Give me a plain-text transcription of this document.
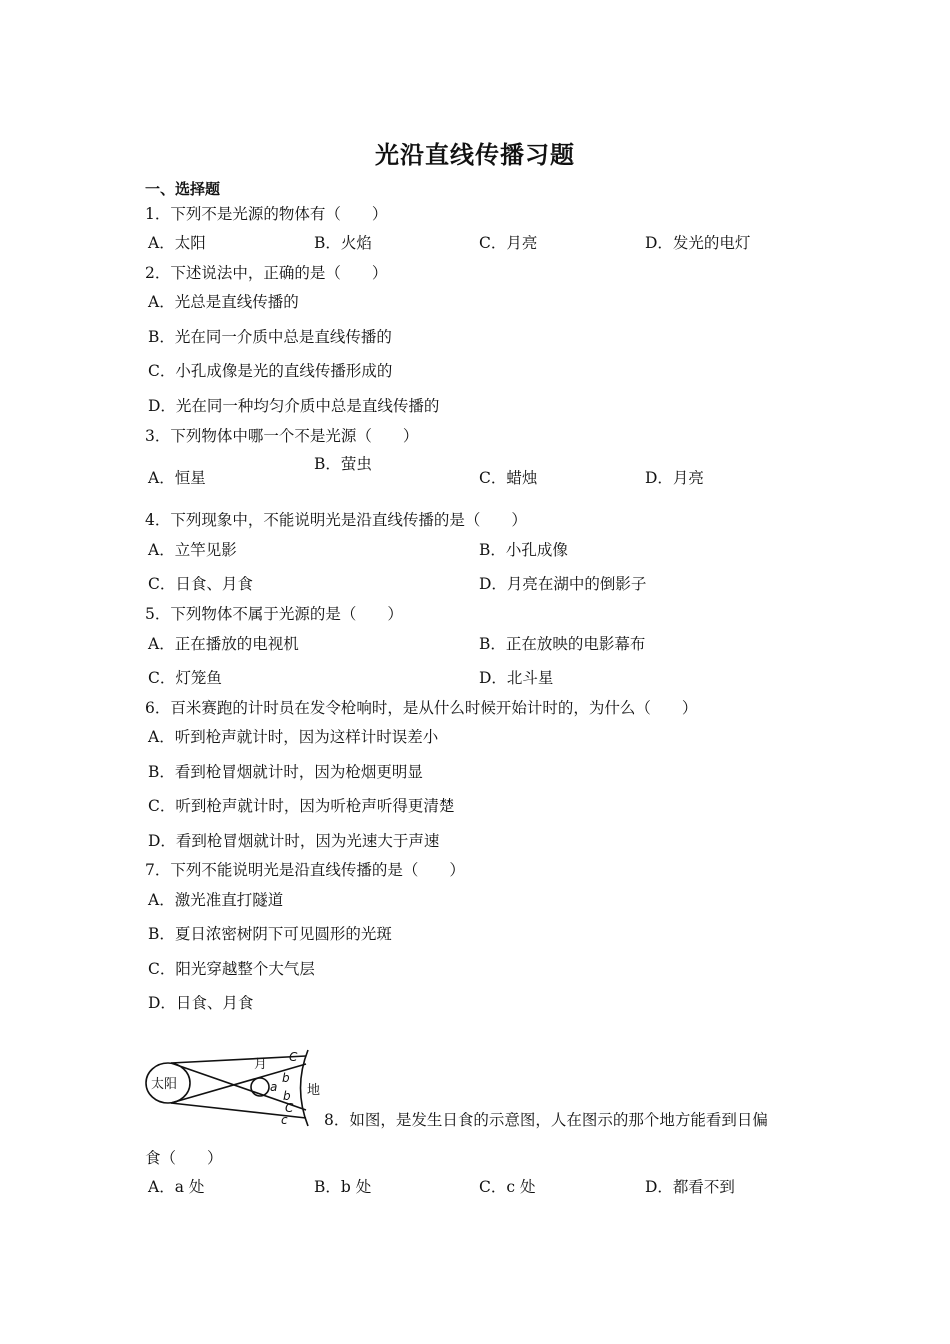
光沿直线传播习题
一、选择题
1．下列不是光源的物体有（　　）
A．太阳	B．火焰	C．月亮	D．发光的电灯
2．下述说法中，正确的是（　　）
A．光总是直线传播的
B．光在同一介质中总是直线传播的
C．小孔成像是光的直线传播形成的
D．光在同一种均匀介质中总是直线传播的
3．下列物体中哪一个不是光源（　　）
A．恒星
B．萤虫
C．蜡烛	D．月亮
4．下列现象中，不能说明光是沿直线传播的是（　　）
A．立竿见影	B．小孔成像
C．日食、月食	D．月亮在湖中的倒影子
5．下列物体不属于光源的是（　　）
A．正在播放的电视机	B．正在放映的电影幕布
C．灯笼鱼	D．北斗星
6．百米赛跑的计时员在发令枪响时，是从什么时候开始计时的，为什么（　　）
A．听到枪声就计时，因为这样计时误差小
B．看到枪冒烟就计时，因为枪烟更明显
C．听到枪声就计时，因为听枪声听得更清楚
D．看到枪冒烟就计时，因为光速大于声速
7．下列不能说明光是沿直线传播的是（　　）
A．激光准直打隧道
B．夏日浓密树阴下可见圆形的光斑
C．阳光穿越整个大气层
D．日食、月食
太阳
月
地
C
b
a
b
C
c 8．如图，是发生日食的示意图，人在图示的那个地方能看到日偏
食（　　）
A．a 处	B．b 处	C．c 处	D．都看不到
